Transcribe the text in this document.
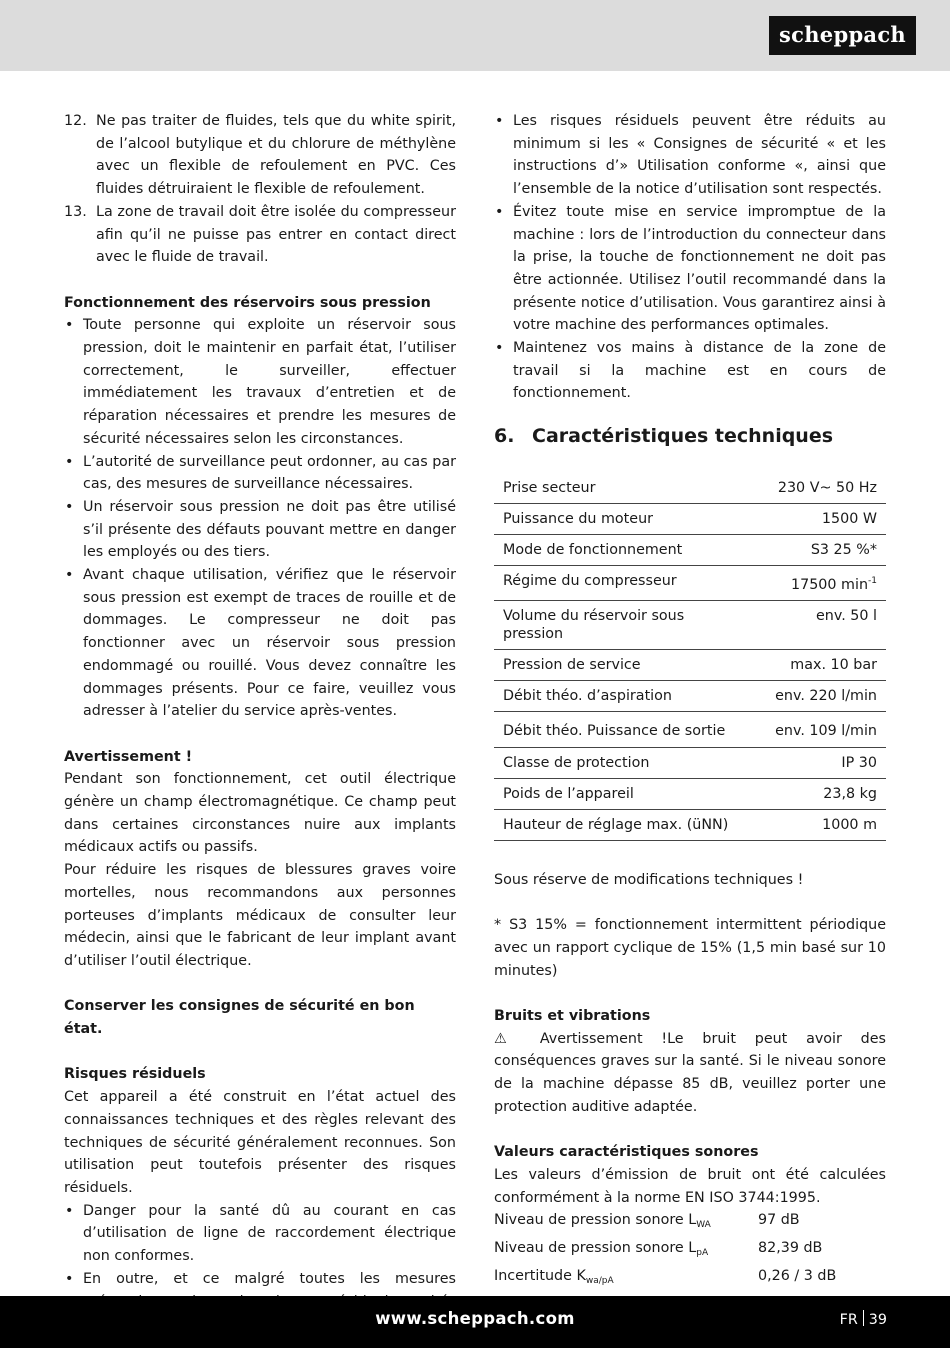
scheppach
12. Ne pas traiter de fluides, tels que du white spirit, de l’alcool butylique et du chlorure de méthylène avec un flexible de refoulement en PVC. Ces fluides détruiraient le flexible de refoulement.
13. La zone de travail doit être isolée du compresseur afin qu’il ne puisse pas entrer en contact direct avec le fluide de travail.
Fonctionnement des réservoirs sous pression
• Toute personne qui exploite un réservoir sous pression, doit le maintenir en parfait état, l’utiliser correctement, le surveiller, effectuer immédiatement les travaux d’entretien et de réparation nécessaires et prendre les mesures de sécurité nécessaires selon les circonstances.
• L’autorité de surveillance peut ordonner, au cas par cas, des mesures de surveillance nécessaires.
• Un réservoir sous pression ne doit pas être utilisé s’il présente des défauts pouvant mettre en danger les employés ou des tiers.
• Avant chaque utilisation, vérifiez que le réservoir sous pression est exempt de traces de rouille et de dommages. Le compresseur ne doit pas fonctionner avec un réservoir sous pression endommagé ou rouillé. Vous devez connaître les dommages présents. Pour ce faire, veuillez vous adresser à l’atelier du service après-ventes.
Avertissement !
Pendant son fonctionnement, cet outil électrique génère un champ électromagnétique. Ce champ peut dans certaines circonstances nuire aux implants médicaux actifs ou passifs.
Pour réduire les risques de blessures graves voire mortelles, nous recommandons aux personnes porteuses d’implants médicaux de consulter leur médecin, ainsi que le fabricant de leur implant avant d’utiliser l’outil électrique.
Conserver les consignes de sécurité en bon état.
Risques résiduels
Cet appareil a été construit en l’état actuel des connaissances techniques et des règles relevant des techniques de sécurité généralement reconnues. Son utilisation peut toutefois présenter des risques résiduels.
• Danger pour la santé dû au courant en cas d’utilisation de ligne de raccordement électrique non conformes.
• En outre, et ce malgré toutes les mesures
• Les risques résiduels peuvent être réduits au minimum si les « Consignes de sécurité « et les instructions d’» Utilisation conforme «, ainsi que l’ensemble de la notice d’utilisation sont respectés.
• Évitez toute mise en service impromptue de la machine : lors de l’introduction du connecteur dans la prise, la touche de fonctionnement ne doit pas être actionnée. Utilisez l’outil recommandé dans la présente notice d’utilisation. Vous garantirez ainsi à votre machine des performances optimales.
• Maintenez vos mains à distance de la zone de travail si la machine est en cours de fonctionnement.
6. Caractéristiques techniques
Prise secteur	230 V~ 50 Hz
Puissance du moteur	1500 W
Mode de fonctionnement	S3 25 %*
Régime du compresseur	17500 $\min^{-1}$
Volume du réservoir sous pression	env. 50 l
Pression de service	max. 10 bar
Débit théo. d’aspiration	env. 220 l/min
Débit théo. Puissance de sortie	env. 109 l/min
Classe de protection	IP 30
Poids de l’appareil	23,8 kg
Hauteur de réglage max. (üNN)	1000 m
Sous réserve de modifications techniques !
* S3 15% = fonctionnement intermittent périodique avec un rapport cyclique de 15% (1,5 min basé sur 10 minutes)
Bruits et vibrations
⚠ Avertissement !Le bruit peut avoir des conséquences graves sur la santé. Si le niveau sonore de la machine dépasse 85 dB, veuillez porter une protection auditive adaptée.
Valeurs caractéristiques sonores
Les valeurs d’émission de bruit ont été calculées conformément à la norme EN ISO 3744:1995.
Niveau de pression sonore $L_{WA}$	97 dB
Niveau de pression sonore $L_{pA}$	82,39 dB
Incertitude $K_{wa/pA}$	0,26 / 3 dB
www.scheppach.com	FR 39
